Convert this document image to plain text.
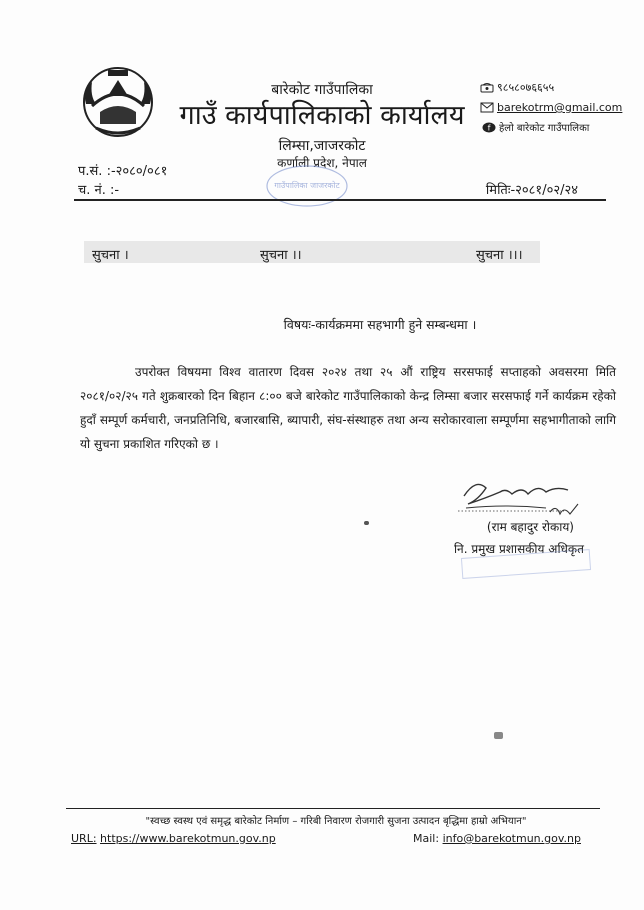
बारेकोट गाउँपालिका
गाउँ कार्यपालिकाको कार्यालय
लिम्सा,जाजरकोट
कर्णाली प्रदेश, नेपाल
गाउँपालिका जाजरकोट
९८५८०७६६५५
barekotrm@gmail.com
f हेलो बारेकोट गाउँपालिका
प.सं. :-२०८०/०८१
च. नं. :-	मितिः-२०८१/०२/२४
सुचना ।	सुचना ।।	सुचना ।।।
विषयः-कार्यक्रममा सहभागी हुने सम्बन्धमा ।
उपरोक्त विषयमा विश्व वातारण दिवस २०२४ तथा २५ औं राष्ट्रिय सरसफाई सप्ताहको अवसरमा मिति २०८१/०२/२५ गते शुक्रबारको दिन बिहान ८:०० बजे बारेकोट गाउँपालिकाको केन्द्र लिम्सा बजार सरसफाई गर्ने कार्यक्रम रहेको हुदाँ सम्पूर्ण कर्मचारी, जनप्रतिनिधि, बजारबासि, ब्यापारी, संघ-संस्थाहरु तथा अन्य सरोकारवाला सम्पूर्णमा सहभागीताको लागि यो सुचना प्रकाशित गरिएको छ ।
(राम बहादुर रोकाय)
नि. प्रमुख प्रशासकीय अधिकृत
"स्वच्छ स्वस्थ एवं समृद्ध बारेकोट निर्माण – गरिबी निवारण रोजगारी सुजना उत्पादन बृद्धिमा हाम्रो अभियान"
URL: https://www.barekotmun.gov.np	Mail: info@barekotmun.gov.np
